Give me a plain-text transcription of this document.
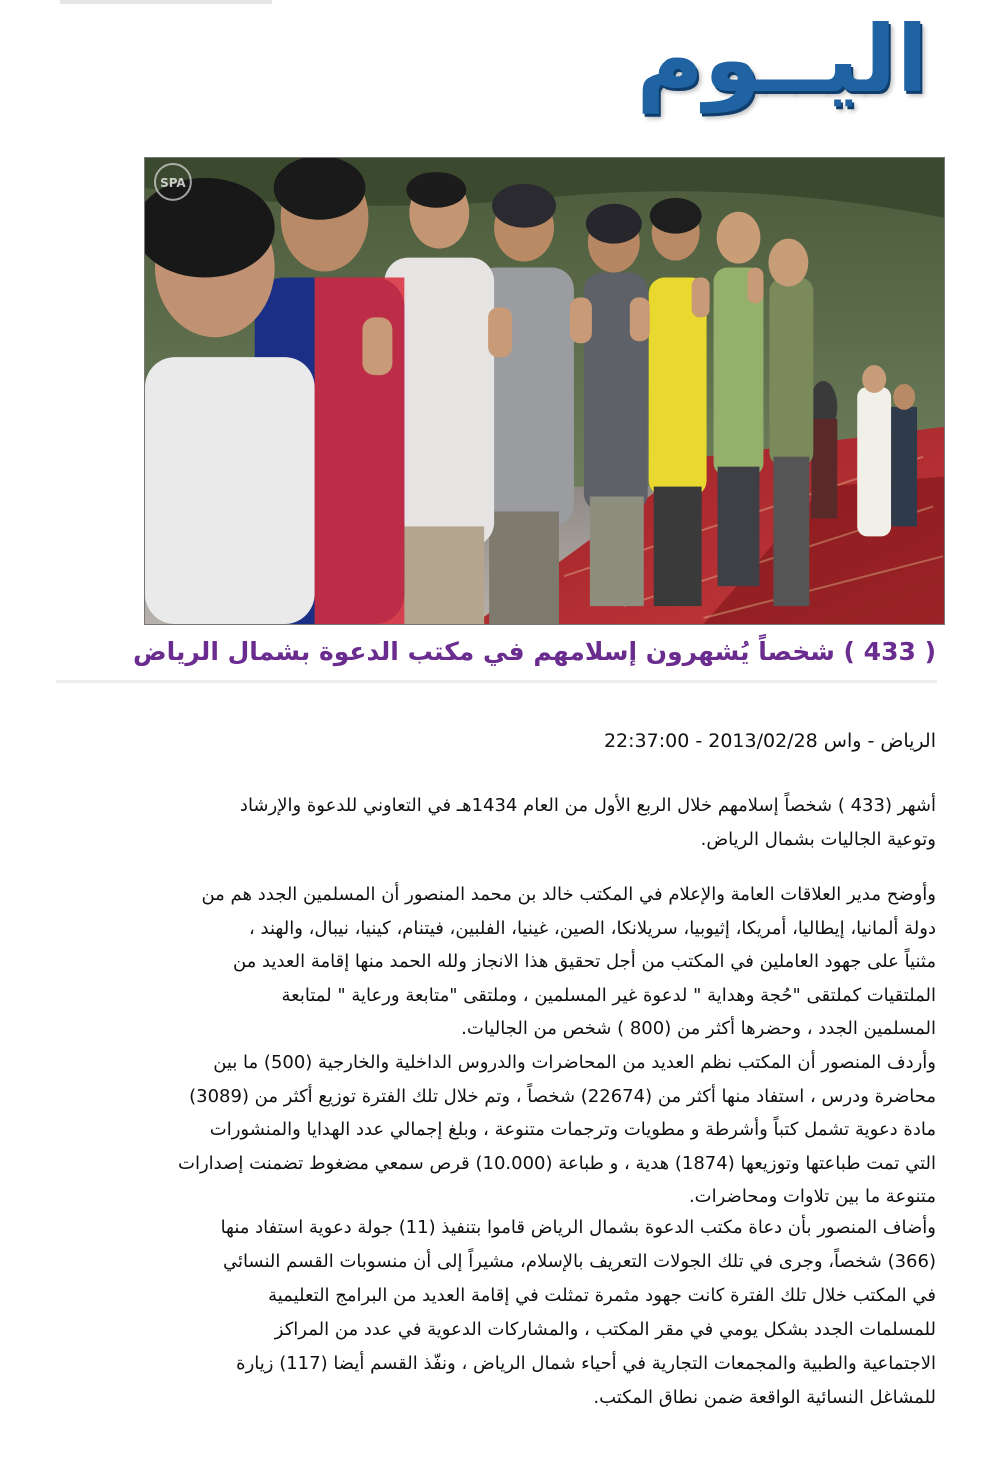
اليــوم
SPA
( 433 ) شخصاً يُشهرون إسلامهم في مكتب الدعوة بشمال الرياض
الرياض - واس 2013/02/28 - 22:37:00
أشهر (433 ) شخصاً إسلامهم خلال الربع الأول من العام 1434هـ في التعاوني للدعوة والإرشاد
وتوعية الجاليات بشمال الرياض.
وأوضح مدير العلاقات العامة والإعلام في المكتب خالد بن محمد المنصور أن المسلمين الجدد هم من
دولة ألمانيا، إيطاليا، أمريكا، إثيوبيا، سريلانكا، الصين، غينيا، الفلبين، فيتنام، كينيا، نيبال، والهند ،
مثنياً على جهود العاملين في المكتب من أجل تحقيق هذا الانجاز ولله الحمد منها إقامة العديد من
الملتقيات كملتقى "حُجة وهداية " لدعوة غير المسلمين ، وملتقى "متابعة ورعاية " لمتابعة
المسلمين الجدد ، وحضرها أكثر من (800 ) شخص من الجاليات.
وأردف المنصور أن المكتب نظم العديد من المحاضرات والدروس الداخلية والخارجية (500) ما بين
محاضرة ودرس ، استفاد منها أكثر من (22674) شخصاً ، وتم خلال تلك الفترة توزيع أكثر من (3089)
مادة دعوية تشمل كتباً وأشرطة و مطويات وترجمات متنوعة ، وبلغ إجمالي عدد الهدايا والمنشورات
التي تمت طباعتها وتوزيعها (1874) هدية ، و طباعة (10.000) قرص سمعي مضغوط تضمنت إصدارات
متنوعة ما بين تلاوات ومحاضرات.
وأضاف المنصور بأن دعاة مكتب الدعوة بشمال الرياض قاموا بتنفيذ (11) جولة دعوية استفاد منها
(366) شخصاً، وجرى في تلك الجولات التعريف بالإسلام، مشيراً إلى أن منسوبات القسم النسائي
في المكتب خلال تلك الفترة كانت جهود مثمرة تمثلت في إقامة العديد من البرامج التعليمية
للمسلمات الجدد بشكل يومي في مقر المكتب ، والمشاركات الدعوية في عدد من المراكز
الاجتماعية والطبية والمجمعات التجارية في أحياء شمال الرياض ، ونفّذ القسم أيضا (117) زيارة
للمشاغل النسائية الواقعة ضمن نطاق المكتب.
